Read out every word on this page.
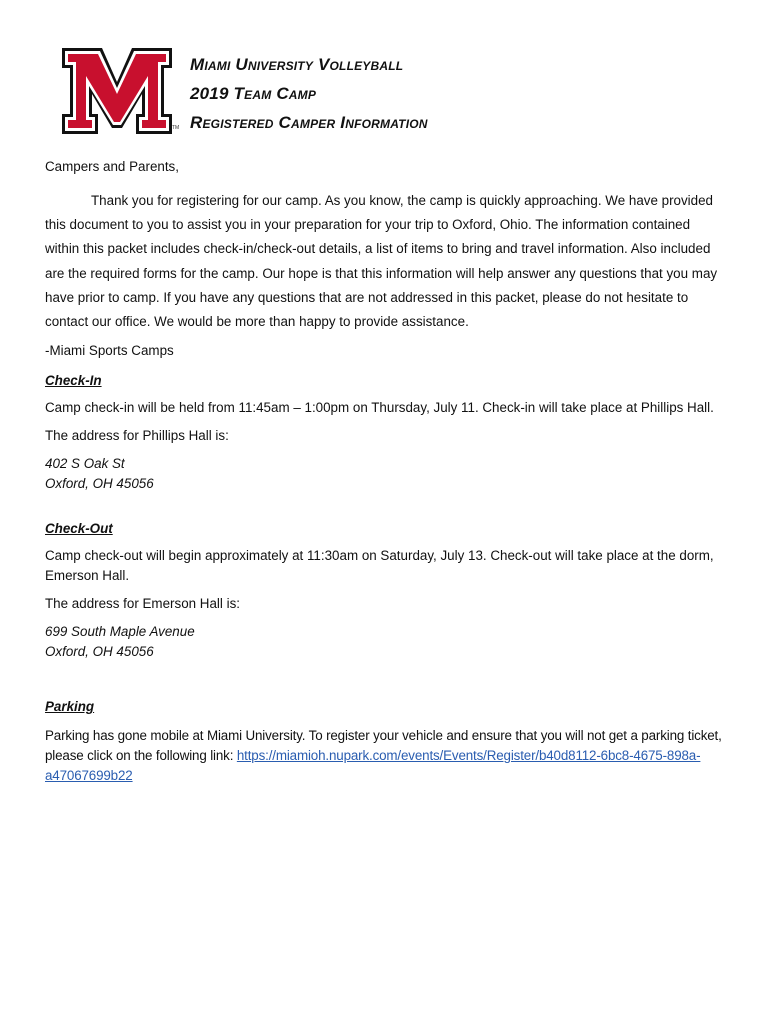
TM
Miami University Volleyball
2019 Team Camp
Registered Camper Information

Campers and Parents,

Thank you for registering for our camp. As you know, the camp is quickly approaching. We have provided this document to you to assist you in your preparation for your trip to Oxford, Ohio. The information contained within this packet includes check-in/check-out details, a list of items to bring and travel information. Also included are the required forms for the camp. Our hope is that this information will help answer any questions that you may have prior to camp. If you have any questions that are not addressed in this packet, please do not hesitate to contact our office. We would be more than happy to provide assistance.

-Miami Sports Camps

Check-In

Camp check-in will be held from 11:45am – 1:00pm on Thursday, July 11. Check-in will take place at Phillips Hall.

The address for Phillips Hall is:

402 S Oak St

Oxford, OH 45056

Check-Out

Camp check-out will begin approximately at 11:30am on Saturday, July 13. Check-out will take place at the dorm, Emerson Hall.

The address for Emerson Hall is:

699 South Maple Avenue

Oxford, OH 45056

Parking

Parking has gone mobile at Miami University. To register your vehicle and ensure that you will not get a parking ticket, please click on the following link: https://miamioh.nupark.com/events/Events/Register/b40d8112-6bc8-4675-898a-a47067699b22
